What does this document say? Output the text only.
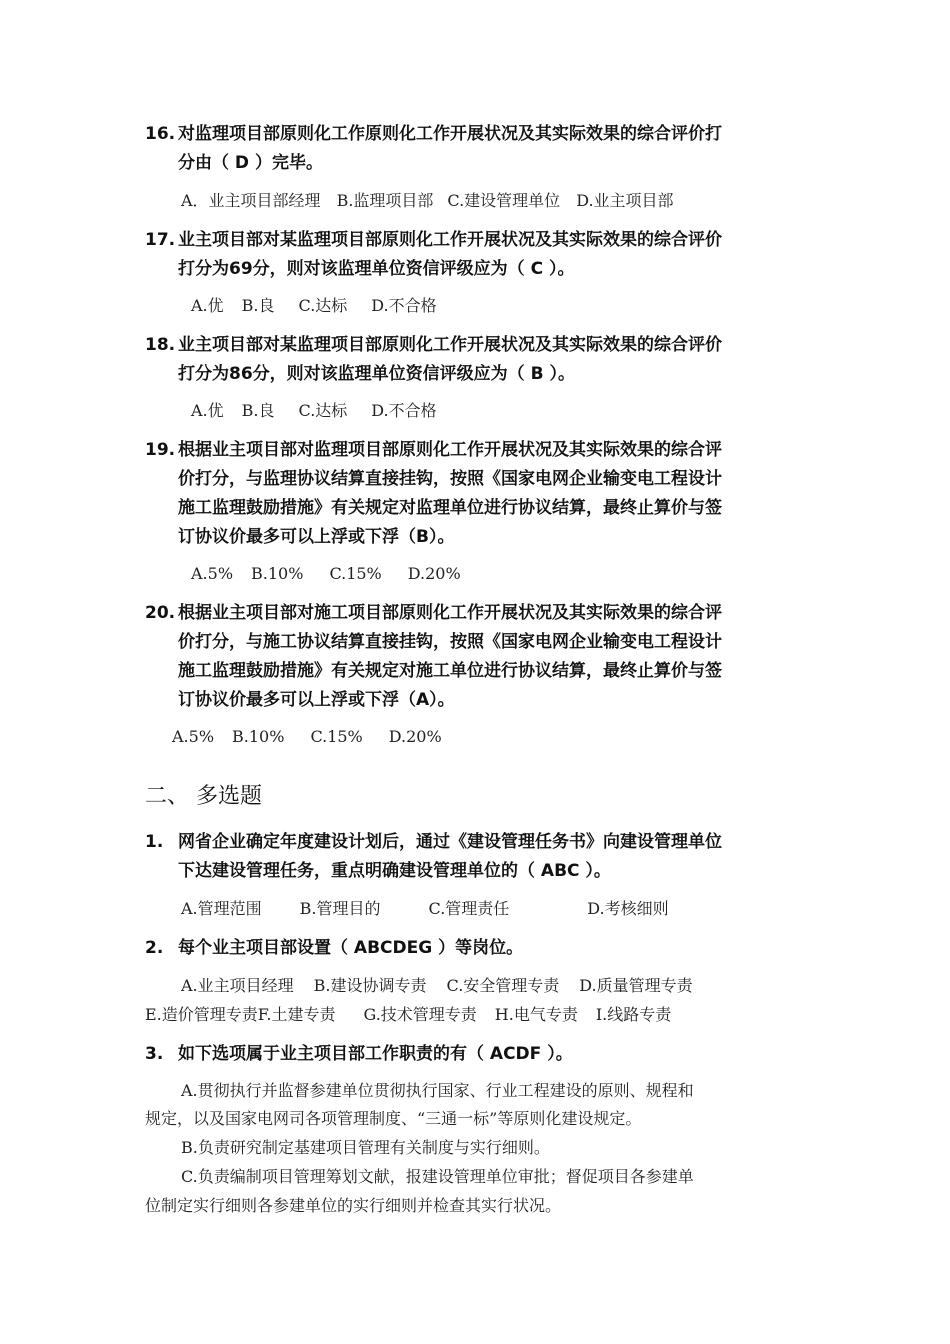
16. 对监理项目部原则化工作原则化工作开展状况及其实际效果的综合评价打
分由（ D ）完毕。
A．业主项目部经理 B.监理项目部 C.建设管理单位 D.业主项目部
17. 业主项目部对某监理项目部原则化工作开展状况及其实际效果的综合评价
打分为69分，则对该监理单位资信评级应为（ C ）。
A.优 B.良 C.达标 D.不合格
18. 业主项目部对某监理项目部原则化工作开展状况及其实际效果的综合评价
打分为86分，则对该监理单位资信评级应为（ B ）。
A.优 B.良 C.达标 D.不合格
19. 根据业主项目部对监理项目部原则化工作开展状况及其实际效果的综合评
价打分，与监理协议结算直接挂钩，按照《国家电网企业输变电工程设计
施工监理鼓励措施》有关规定对监理单位进行协议结算，最终止算价与签
订协议价最多可以上浮或下浮（B）。
A.5% B.10% C.15% D.20%
20. 根据业主项目部对施工项目部原则化工作开展状况及其实际效果的综合评
价打分，与施工协议结算直接挂钩，按照《国家电网企业输变电工程设计
施工监理鼓励措施》有关规定对施工单位进行协议结算，最终止算价与签
订协议价最多可以上浮或下浮（A）。
A.5% B.10% C.15% D.20%
二、 多选题
1. 网省企业确定年度建设计划后，通过《建设管理任务书》向建设管理单位
下达建设管理任务，重点明确建设管理单位的（ ABC ）。
A.管理范围 B.管理目的	C.管理责任	D.考核细则
2. 每个业主项目部设置（ ABCDEG ）等岗位。
A.业主项目经理 B.建设协调专责 C.安全管理专责 D.质量管理专责
E.造价管理专责F.土建专责 G.技术管理专责 H.电气专责 I.线路专责
3. 如下选项属于业主项目部工作职责的有（ ACDF ）。
A.贯彻执行并监督参建单位贯彻执行国家、行业工程建设的原则、规程和
规定，以及国家电网司各项管理制度、“三通一标”等原则化建设规定。
B.负责研究制定基建项目管理有关制度与实行细则。
C.负责编制项目管理筹划文献，报建设管理单位审批；督促项目各参建单
位制定实行细则各参建单位的实行细则并检查其实行状况。
